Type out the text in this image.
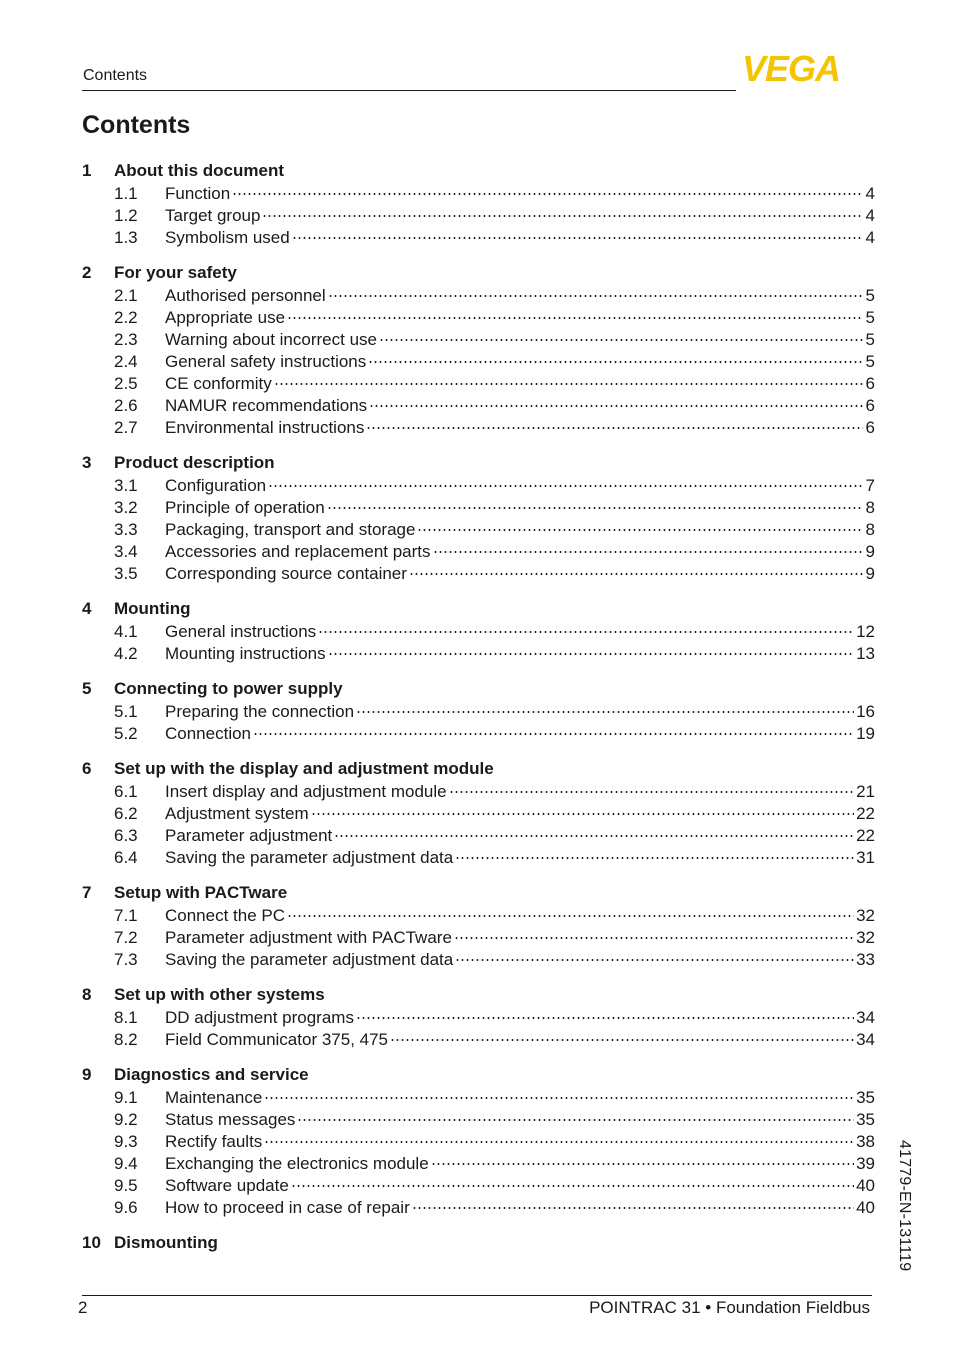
Contents	VEGA
Contents
1	About this document
1.1	Function	4
1.2	Target group	4
1.3	Symbolism used	4
2	For your safety
2.1	Authorised personnel	5
2.2	Appropriate use	5
2.3	Warning about incorrect use	5
2.4	General safety instructions	5
2.5	CE conformity	6
2.6	NAMUR recommendations	6
2.7	Environmental instructions	6
3	Product description
3.1	Configuration	7
3.2	Principle of operation	8
3.3	Packaging, transport and storage	8
3.4	Accessories and replacement parts	9
3.5	Corresponding source container	9
4	Mounting
4.1	General instructions	12
4.2	Mounting instructions	13
5	Connecting to power supply
5.1	Preparing the connection	16
5.2	Connection	19
6	Set up with the display and adjustment module
6.1	Insert display and adjustment module	21
6.2	Adjustment system	22
6.3	Parameter adjustment	22
6.4	Saving the parameter adjustment data	31
7	Setup with PACTware
7.1	Connect the PC	32
7.2	Parameter adjustment with PACTware	32
7.3	Saving the parameter adjustment data	33
8	Set up with other systems
8.1	DD adjustment programs	34
8.2	Field Communicator 375, 475	34
9	Diagnostics and service
9.1	Maintenance	35
9.2	Status messages	35
9.3	Rectify faults	38
9.4	Exchanging the electronics module	39
9.5	Software update	40
9.6	How to proceed in case of repair	40
10 Dismounting	41779-EN-131119
2	POINTRAC 31 • Foundation Fieldbus
